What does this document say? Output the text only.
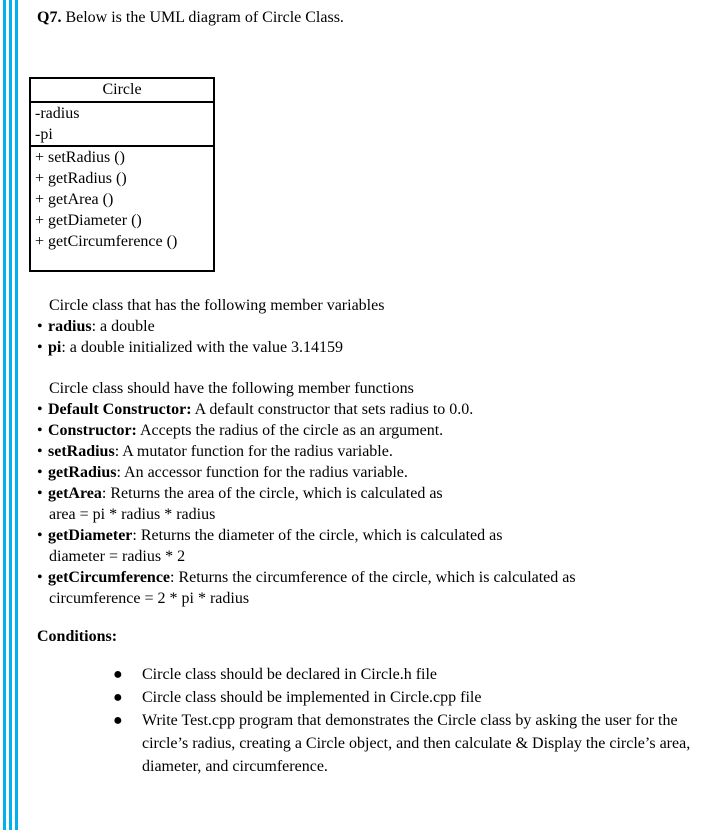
Q7. Below is the UML diagram of Circle Class.
Circle
-radius
-pi
+ setRadius ()
+ getRadius ()
+ getArea ()
+ getDiameter ()
+ getCircumference ()
Circle class that has the following member variables
• radius: a double
• pi: a double initialized with the value 3.14159
Circle class should have the following member functions
• Default Constructor: A default constructor that sets radius to 0.0.
• Constructor: Accepts the radius of the circle as an argument.
• setRadius: A mutator function for the radius variable.
• getRadius: An accessor function for the radius variable.
• getArea: Returns the area of the circle, which is calculated as
area = pi * radius * radius
• getDiameter: Returns the diameter of the circle, which is calculated as
diameter = radius * 2
• getCircumference: Returns the circumference of the circle, which is calculated as
circumference = 2 * pi * radius
Conditions:
●	Circle class should be declared in Circle.h file
●	Circle class should be implemented in Circle.cpp file
●	Write Test.cpp program that demonstrates the Circle class by asking the user for the circle’s radius, creating a Circle object, and then calculate & Display the circle’s area, diameter, and circumference.
